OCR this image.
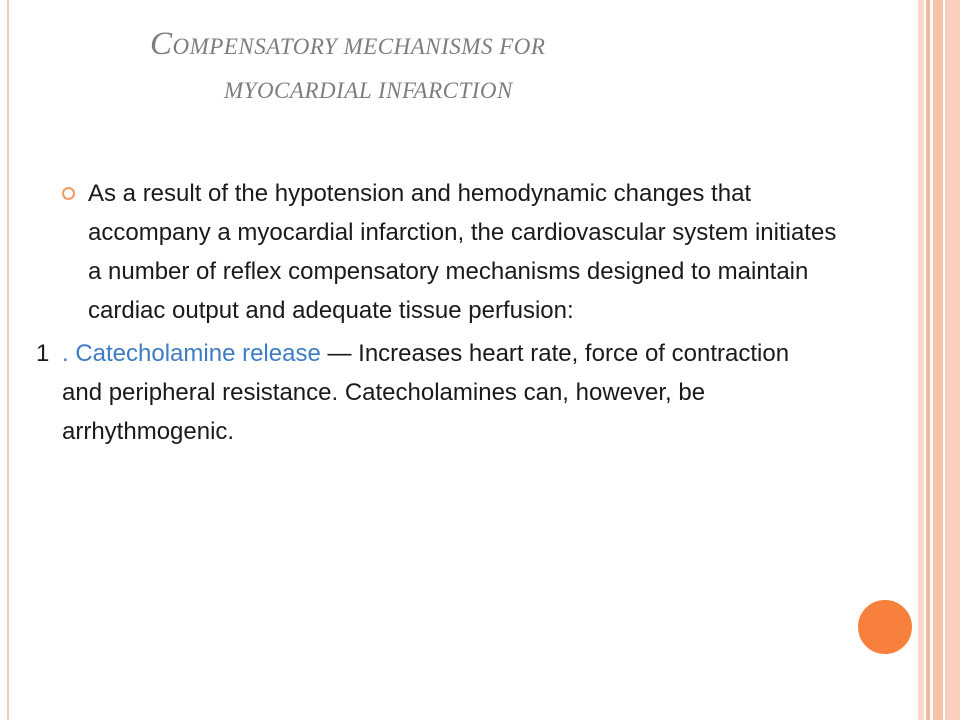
COMPENSATORY MECHANISMS FOR
MYOCARDIAL INFARCTION
As a result of the hypotension and hemodynamic changes that accompany a myocardial infarction, the cardiovascular system initiates a number of reflex compensatory mechanisms designed to maintain cardiac output and adequate tissue perfusion:
1 . Catecholamine release — Increases heart rate, force of contraction and peripheral resistance. Catecholamines can, however, be arrhythmogenic.
